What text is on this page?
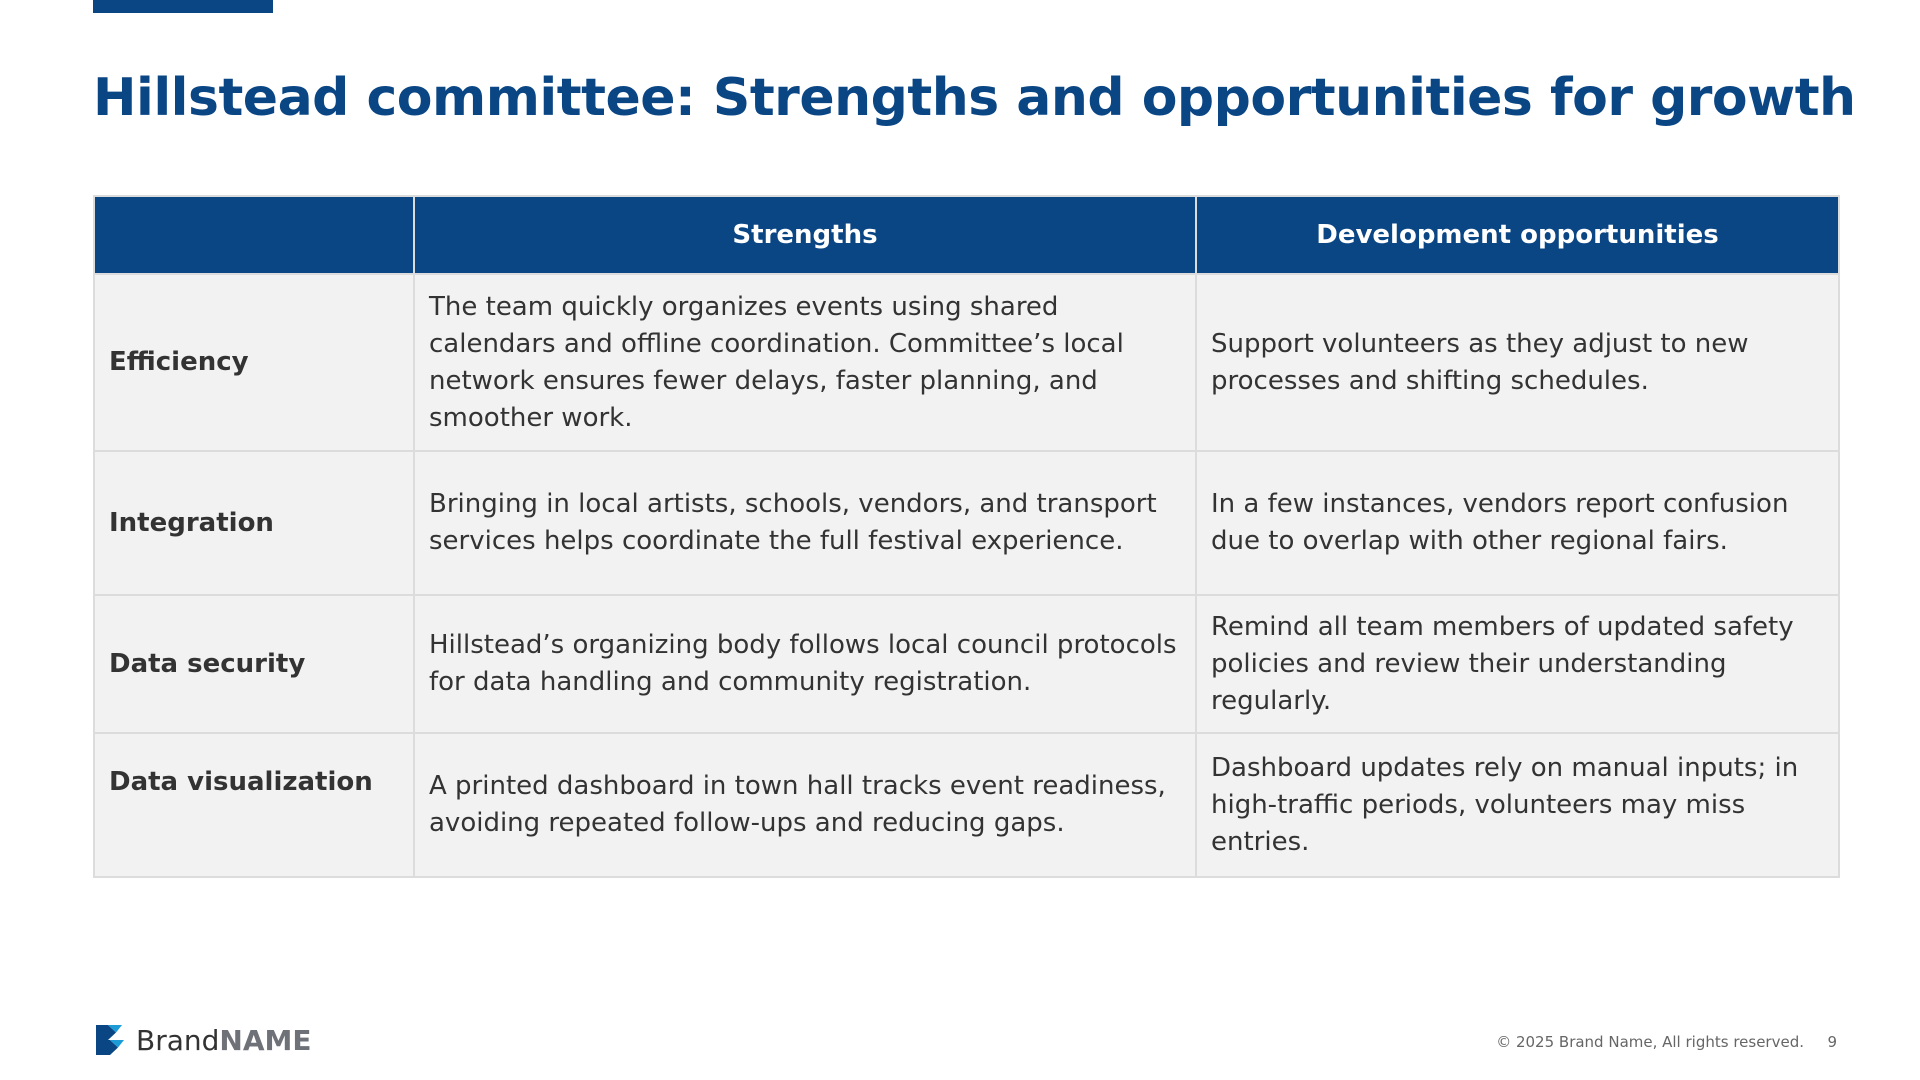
Hillstead committee: Strengths and opportunities for growth
	Strengths	Development opportunities
Efficiency	The team quickly organizes events using shared calendars and offline coordination. Committee’s local network ensures fewer delays, faster planning, and smoother work.	Support volunteers as they adjust to new processes and shifting schedules.
Integration	Bringing in local artists, schools, vendors, and transport services helps coordinate the full festival experience.	In a few instances, vendors report confusion due to overlap with other regional fairs.
Data security	Hillstead’s organizing body follows local council protocols for data handling and community registration.	Remind all team members of updated safety policies and review their understanding regularly.
Data visualization	A printed dashboard in town hall tracks event readiness, avoiding repeated follow-ups and reducing gaps.	Dashboard updates rely on manual inputs; in high-traffic periods, volunteers may miss entries.
BrandNAME	© 2025 Brand Name, All rights reserved. 9
